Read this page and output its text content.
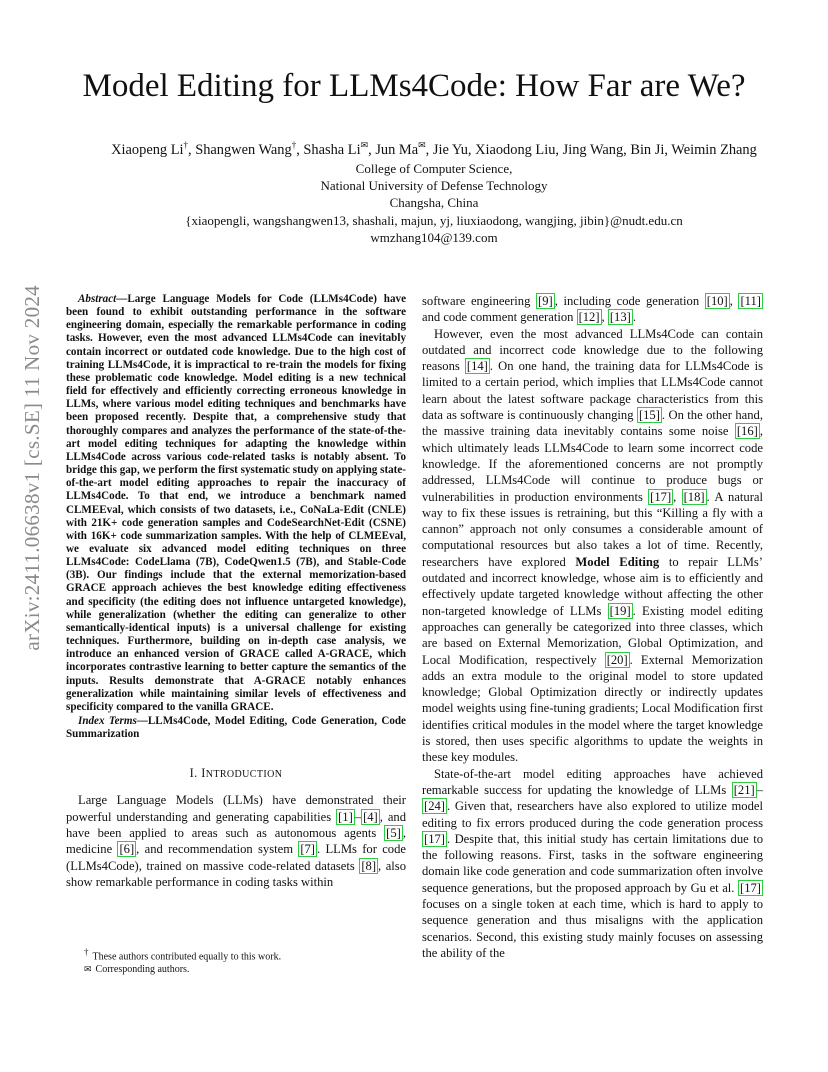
arXiv:2411.06638v1 [cs.SE] 11 Nov 2024
Model Editing for LLMs4Code: How Far are We?
Xiaopeng Li†, Shangwen Wang†, Shasha Li✉, Jun Ma✉, Jie Yu, Xiaodong Liu, Jing Wang, Bin Ji, Weimin Zhang
College of Computer Science,
National University of Defense Technology
Changsha, China
{xiaopengli, wangshangwen13, shashali, majun, yj, liuxiaodong, wangjing, jibin}@nudt.edu.cn
wmzhang104@139.com

Abstract—Large Language Models for Code (LLMs4Code) have been found to exhibit outstanding performance in the software engineering domain, especially the remarkable performance in coding tasks. However, even the most advanced LLMs4Code can inevitably contain incorrect or outdated code knowledge. Due to the high cost of training LLMs4Code, it is impractical to re-train the models for fixing these problematic code knowledge. Model editing is a new technical field for effectively and efficiently correcting erroneous knowledge in LLMs, where various model editing techniques and benchmarks have been proposed recently. Despite that, a comprehensive study that thoroughly compares and analyzes the performance of the state-of-the-art model editing techniques for adapting the knowledge within LLMs4Code across various code-related tasks is notably absent. To bridge this gap, we perform the first systematic study on applying state-of-the-art model editing approaches to repair the inaccuracy of LLMs4Code. To that end, we introduce a benchmark named CLMEEval, which consists of two datasets, i.e., CoNaLa-Edit (CNLE) with 21K+ code generation samples and CodeSearchNet-Edit (CSNE) with 16K+ code summarization samples. With the help of CLMEEval, we evaluate six advanced model editing techniques on three LLMs4Code: CodeLlama (7B), CodeQwen1.5 (7B), and Stable-Code (3B). Our findings include that the external memorization-based GRACE approach achieves the best knowledge editing effectiveness and specificity (the editing does not influence untargeted knowledge), while generalization (whether the editing can generalize to other semantically-identical inputs) is a universal challenge for existing techniques. Furthermore, building on in-depth case analysis, we introduce an enhanced version of GRACE called A-GRACE, which incorporates contrastive learning to better capture the semantics of the inputs. Results demonstrate that A-GRACE notably enhances generalization while maintaining similar levels of effectiveness and specificity compared to the vanilla GRACE.

Index Terms—LLMs4Code, Model Editing, Code Generation, Code Summarization

I. INTRODUCTION

Large Language Models (LLMs) have demonstrated their powerful understanding and generating capabilities [1] – [4] , and have been applied to areas such as autonomous agents [5] , medicine [6] , and recommendation system [7] . LLMs for code (LLMs4Code), trained on massive code-related datasets [8] , also show remarkable performance in coding tasks within

† These authors contributed equally to this work.
✉ Corresponding authors.

software engineering [9] , including code generation [10] , [11] and code comment generation [12] , [13] .

However, even the most advanced LLMs4Code can contain outdated and incorrect code knowledge due to the following reasons [14] . On one hand, the training data for LLMs4Code is limited to a certain period, which implies that LLMs4Code cannot learn about the latest software package characteristics from this data as software is continuously changing [15] . On the other hand, the massive training data inevitably contains some noise [16] , which ultimately leads LLMs4Code to learn some incorrect code knowledge. If the aforementioned concerns are not promptly addressed, LLMs4Code will continue to produce bugs or vulnerabilities in production environments [17] , [18] . A natural way to fix these issues is retraining, but this “Killing a fly with a cannon” approach not only consumes a considerable amount of computational resources but also takes a lot of time. Recently, researchers have explored Model Editing to repair LLMs’ outdated and incorrect knowledge, whose aim is to efficiently and effectively update targeted knowledge without affecting the other non-targeted knowledge of LLMs [19] . Existing model editing approaches can generally be categorized into three classes, which are based on External Memorization, Global Optimization, and Local Modification, respectively [20] . External Memorization adds an extra module to the original model to store updated knowledge; Global Optimization directly or indirectly updates model weights using fine-tuning gradients; Local Modification first identifies critical modules in the model where the target knowledge is stored, then uses specific algorithms to update the weights in these key modules.

State-of-the-art model editing approaches have achieved remarkable success for updating the knowledge of LLMs [21] –[24] . Given that, researchers have also explored to utilize model editing to fix errors produced during the code generation process [17] . Despite that, this initial study has certain limitations due to the following reasons. First, tasks in the software engineering domain like code generation and code summarization often involve sequence generations, but the proposed approach by Gu et al. [17] focuses on a single token at each time, which is hard to apply to sequence generation and thus misaligns with the application scenarios. Second, this existing study mainly focuses on assessing the ability of the
